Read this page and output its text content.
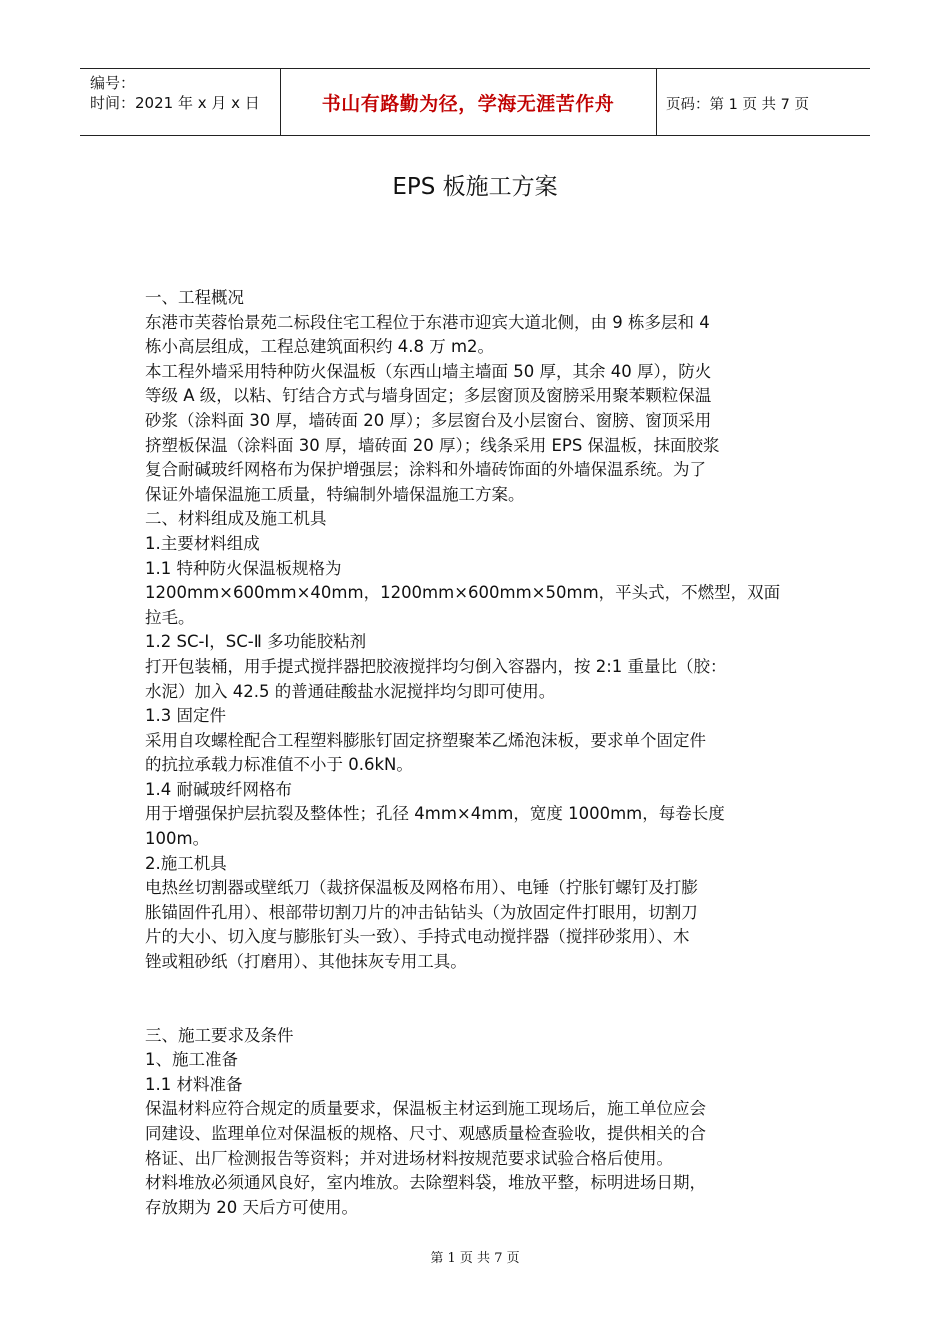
编号：
时间：2021 年 x 月 x 日	书山有路勤为径，学海无涯苦作舟	页码：第 1 页 共 7 页
EPS 板施工方案

一、工程概况

东港市芙蓉怡景苑二标段住宅工程位于东港市迎宾大道北侧，由 9 栋多层和 4

栋小高层组成，工程总建筑面积约 4.8 万 m2。

本工程外墙采用特种防火保温板（东西山墙主墙面 50 厚，其余 40 厚），防火

等级 A 级，以粘、钉结合方式与墙身固定；多层窗顶及窗膀采用聚苯颗粒保温

砂浆（涂料面 30 厚，墙砖面 20 厚）；多层窗台及小层窗台、窗膀、窗顶采用

挤塑板保温（涂料面 30 厚，墙砖面 20 厚）；线条采用 EPS 保温板，抹面胶浆

复合耐碱玻纤网格布为保护增强层；涂料和外墙砖饰面的外墙保温系统。为了

保证外墙保温施工质量，特编制外墙保温施工方案。

二、材料组成及施工机具

1.主要材料组成

1.1 特种防火保温板规格为

1200mm×600mm×40mm，1200mm×600mm×50mm，平头式，不燃型，双面

拉毛。

1.2 SC-Ⅰ，SC-Ⅱ 多功能胶粘剂

打开包装桶，用手提式搅拌器把胶液搅拌均匀倒入容器内，按 2:1 重量比（胶：

水泥）加入 42.5 的普通硅酸盐水泥搅拌均匀即可使用。

1.3 固定件

采用自攻螺栓配合工程塑料膨胀钉固定挤塑聚苯乙烯泡沫板，要求单个固定件

的抗拉承载力标准值不小于 0.6kN。

1.4 耐碱玻纤网格布

用于增强保护层抗裂及整体性；孔径 4mm×4mm，宽度 1000mm，每卷长度

100m。

2.施工机具

电热丝切割器或壁纸刀（裁挤保温板及网格布用）、电锤（拧胀钉螺钉及打膨

胀锚固件孔用）、根部带切割刀片的冲击钻钻头（为放固定件打眼用，切割刀

片的大小、切入度与膨胀钉头一致）、手持式电动搅拌器（搅拌砂浆用）、木

锉或粗砂纸（打磨用）、其他抹灰专用工具。

三、施工要求及条件

1、施工准备

1.1 材料准备

保温材料应符合规定的质量要求，保温板主材运到施工现场后，施工单位应会

同建设、监理单位对保温板的规格、尺寸、观感质量检查验收，提供相关的合

格证、出厂检测报告等资料；并对进场材料按规范要求试验合格后使用。

材料堆放必须通风良好，室内堆放。去除塑料袋，堆放平整，标明进场日期，

存放期为 20 天后方可使用。

第 1 页 共 7 页
